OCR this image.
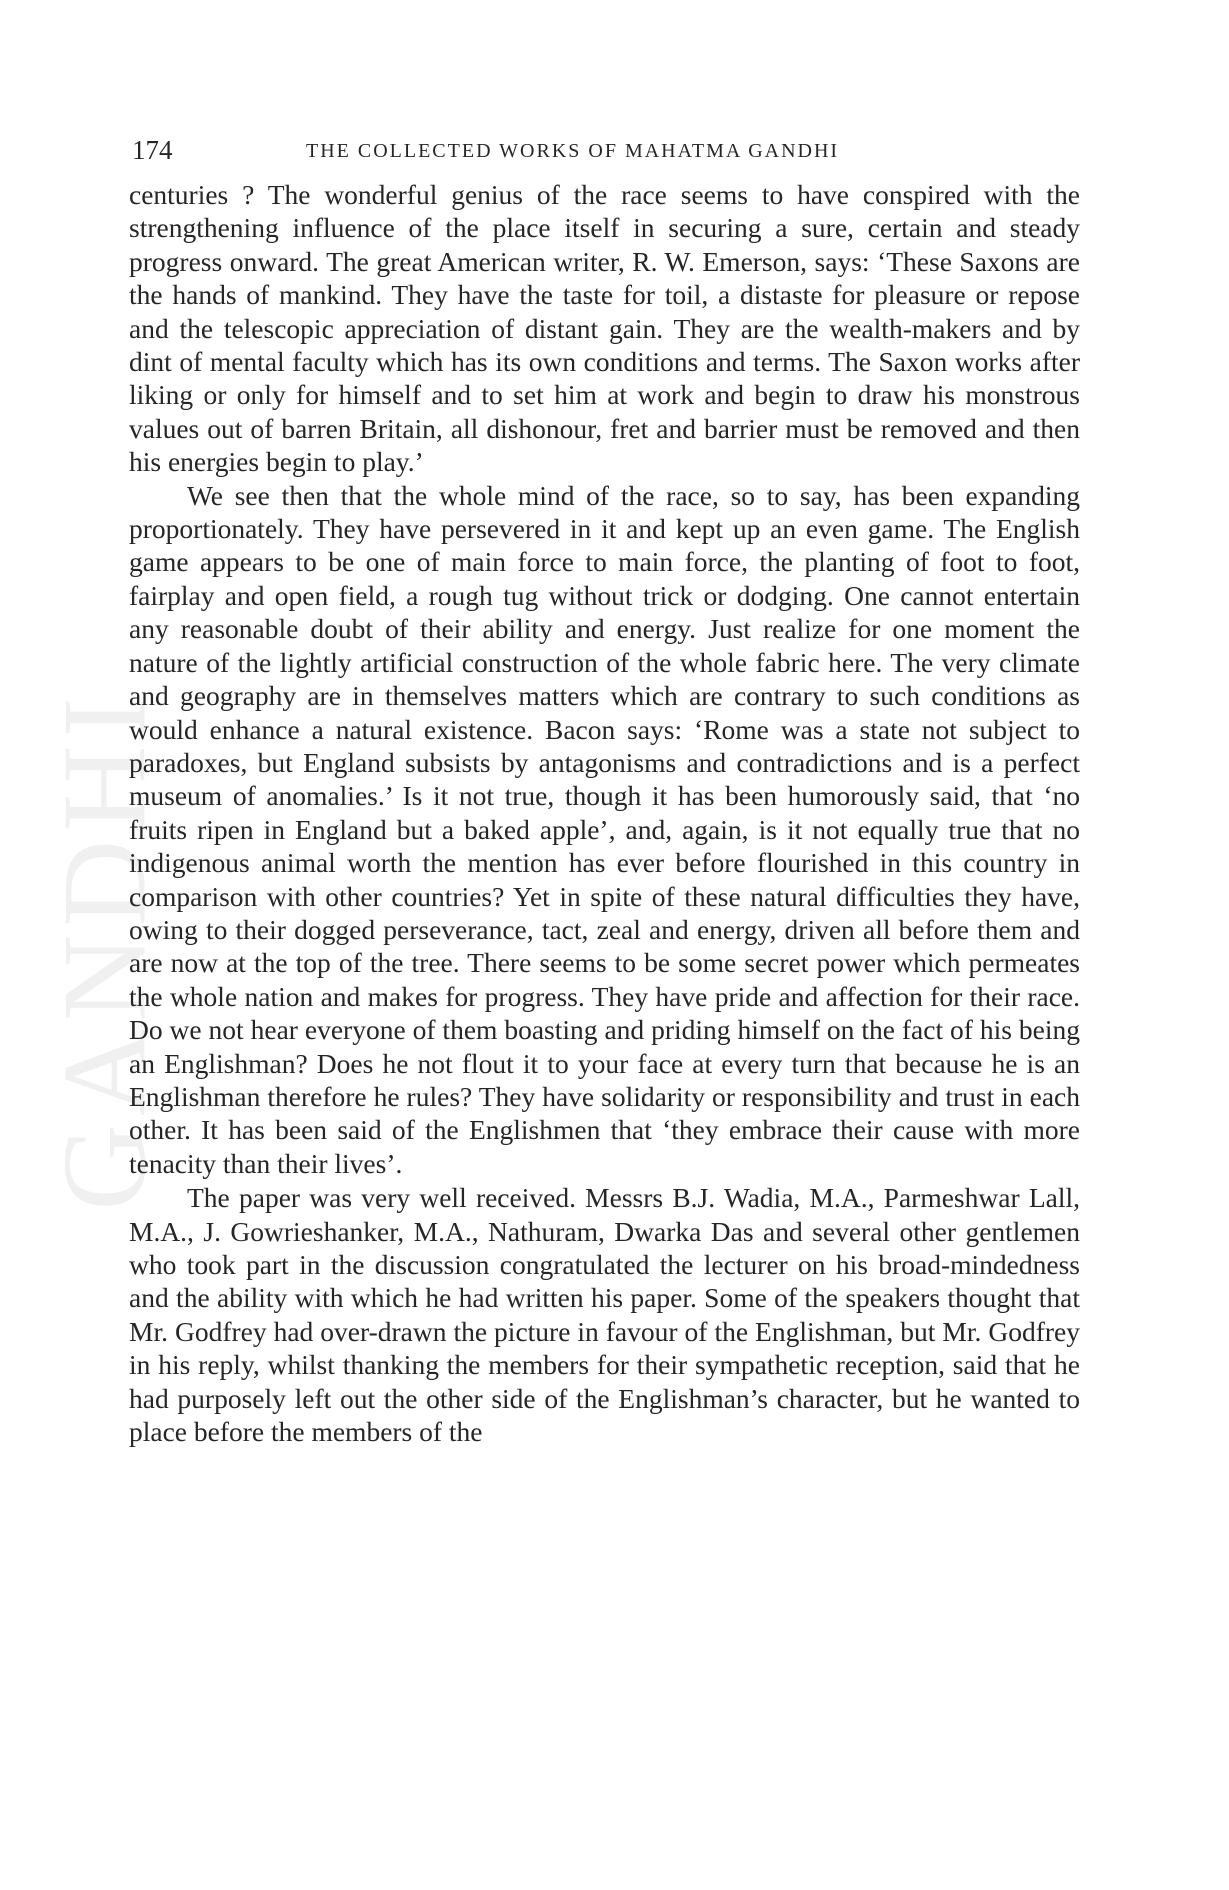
GANDHI
174	THE COLLECTED WORKS OF MAHATMA GANDHI

centuries ? The wonderful genius of the race seems to have conspired with the strengthening influence of the place itself in securing a sure, certain and steady progress onward. The great American writer, R. W. Emerson, says: ‘These Saxons are the hands of mankind. They have the taste for toil, a distaste for pleasure or repose and the telescopic appreciation of distant gain. They are the wealth-makers and by dint of mental faculty which has its own conditions and terms. The Saxon works after liking or only for himself and to set him at work and begin to draw his monstrous values out of barren Britain, all dishonour, fret and barrier must be removed and then his energies begin to play.’

We see then that the whole mind of the race, so to say, has been expanding proportionately. They have persevered in it and kept up an even game. The English game appears to be one of main force to main force, the planting of foot to foot, fairplay and open field, a rough tug without trick or dodging. One cannot entertain any reasonable doubt of their ability and energy. Just realize for one moment the nature of the lightly artificial construction of the whole fabric here. The very climate and geography are in themselves matters which are contrary to such conditions as would enhance a natural existence. Bacon says: ‘Rome was a state not subject to paradoxes, but England subsists by antagonisms and contradictions and is a perfect museum of anomalies.’ Is it not true, though it has been humorously said, that ‘no fruits ripen in England but a baked apple’, and, again, is it not equally true that no indigenous animal worth the mention has ever before flourished in this country in comparison with other countries? Yet in spite of these natural difficulties they have, owing to their dogged perseverance, tact, zeal and energy, driven all before them and are now at the top of the tree. There seems to be some secret power which permeates the whole nation and makes for progress. They have pride and affection for their race. Do we not hear everyone of them boasting and priding himself on the fact of his being an Englishman? Does he not flout it to your face at every turn that because he is an Englishman therefore he rules? They have solidarity or responsibility and trust in each other. It has been said of the Englishmen that ‘they embrace their cause with more tenacity than their lives’.

The paper was very well received. Messrs B.J. Wadia, M.A., Parmeshwar Lall, M.A., J. Gowrieshanker, M.A., Nathuram, Dwarka Das and several other gentlemen who took part in the discussion congratulated the lecturer on his broad-mindedness and the ability with which he had written his paper. Some of the speakers thought that Mr. Godfrey had over-drawn the picture in favour of the Englishman, but Mr. Godfrey in his reply, whilst thanking the members for their sympathetic reception, said that he had purposely left out the other side of the Englishman’s character, but he wanted to place before the members of the
